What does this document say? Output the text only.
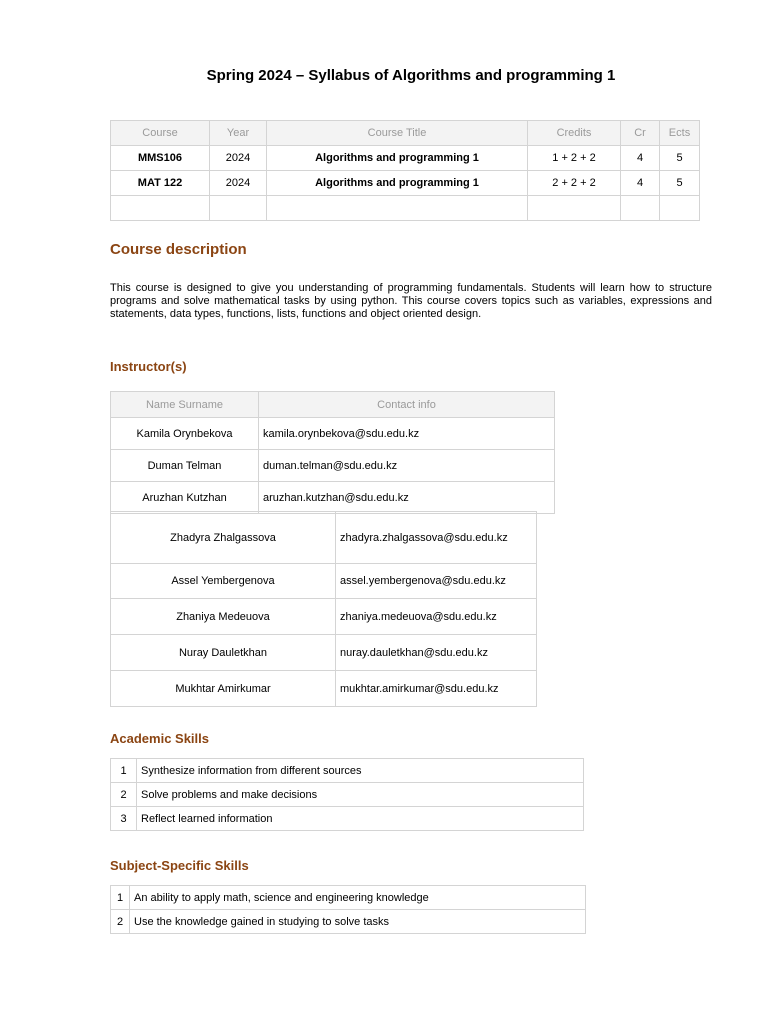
Spring 2024 – Syllabus of Algorithms and programming 1
Course	Year	Course Title	Credits	Cr	Ects
MMS106	2024	Algorithms and programming 1	1 + 2 + 2	4	5
MAT 122	2024	Algorithms and programming 1	2 + 2 + 2	4	5

Course description
This course is designed to give you understanding of programming fundamentals. Students will learn how to structure programs and solve mathematical tasks by using python. This course covers topics such as variables, expressions and statements, data types, functions, lists, functions and object oriented design.
Instructor(s)
Name Surname	Contact info
Kamila Orynbekova	kamila.orynbekova@sdu.edu.kz
Duman Telman	duman.telman@sdu.edu.kz
Aruzhan Kutzhan	aruzhan.kutzhan@sdu.edu.kz
Zhadyra Zhalgassova	zhadyra.zhalgassova@sdu.edu.kz
Assel Yembergenova	assel.yembergenova@sdu.edu.kz
Zhaniya Medeuova	zhaniya.medeuova@sdu.edu.kz
Nuray Dauletkhan	nuray.dauletkhan@sdu.edu.kz
Mukhtar Amirkumar	mukhtar.amirkumar@sdu.edu.kz
Academic Skills
1	Synthesize information from different sources
2	Solve problems and make decisions
3	Reflect learned information
Subject-Specific Skills
1	An ability to apply math, science and engineering knowledge
2	Use the knowledge gained in studying to solve tasks
